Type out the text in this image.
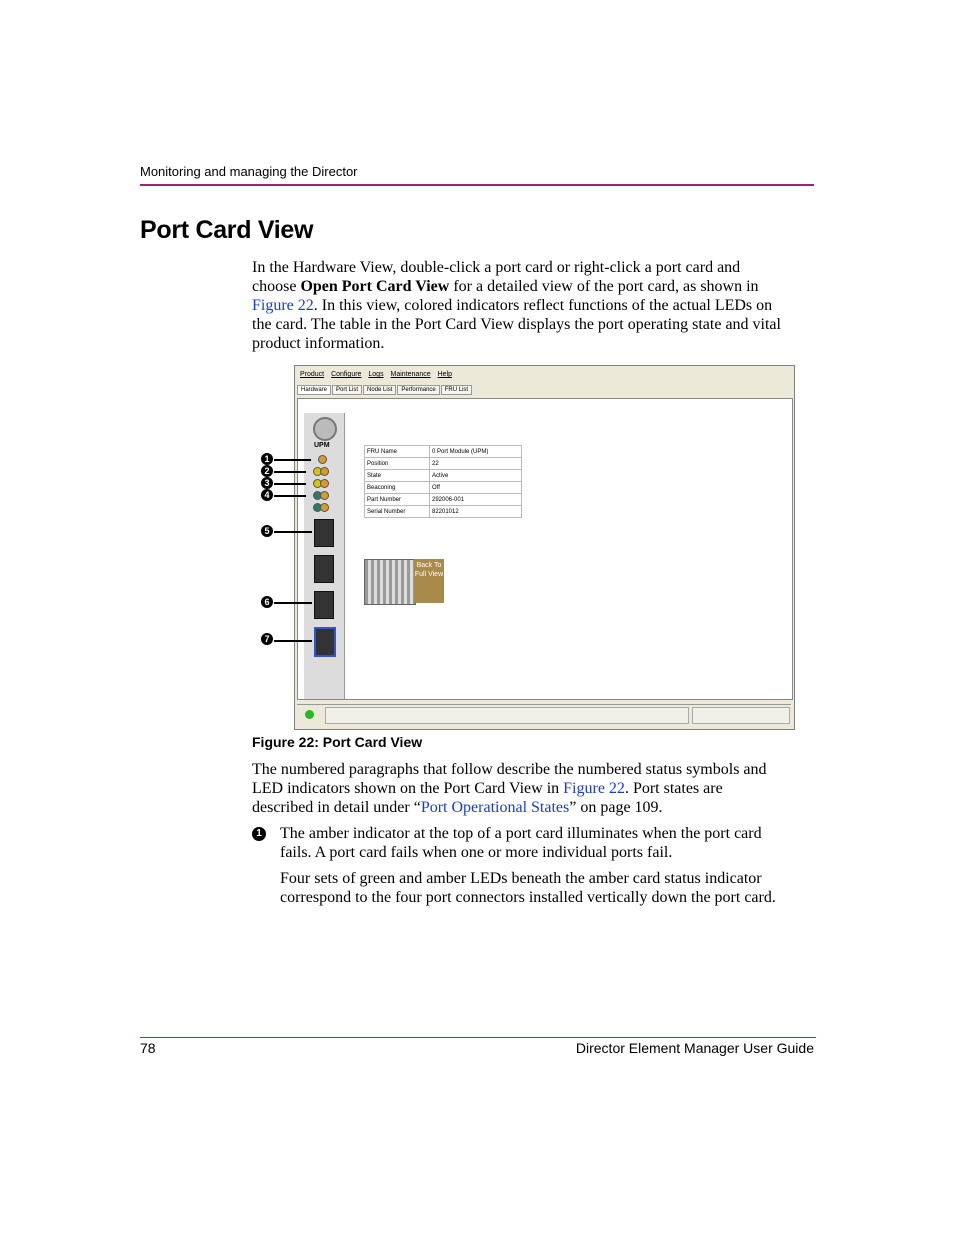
Monitoring and managing the Director
Port Card View
In the Hardware View, double-click a port card or right-click a port card and
choose Open Port Card View for a detailed view of the port card, as shown in
Figure 22. In this view, colored indicators reflect functions of the actual LEDs on
the card. The table in the Port Card View displays the port operating state and vital
product information.
Product Configure Logs Maintenance Help
Hardware Port List Node List Performance FRU List
UPM
FRU Name	0 Port Module (UPM)
Position	22
State	Active
Beaconing	Off
Part Number	292006-001
Serial Number	82201012
Back To Full View
1
2
3
4
5
6
7
Figure 22: Port Card View
The numbered paragraphs that follow describe the numbered status symbols and
LED indicators shown on the Port Card View in Figure 22. Port states are
described in detail under “Port Operational States” on page 109.
1 The amber indicator at the top of a port card illuminates when the port card
fails. A port card fails when one or more individual ports fail.
Four sets of green and amber LEDs beneath the amber card status indicator
correspond to the four port connectors installed vertically down the port card.
78	Director Element Manager User Guide
